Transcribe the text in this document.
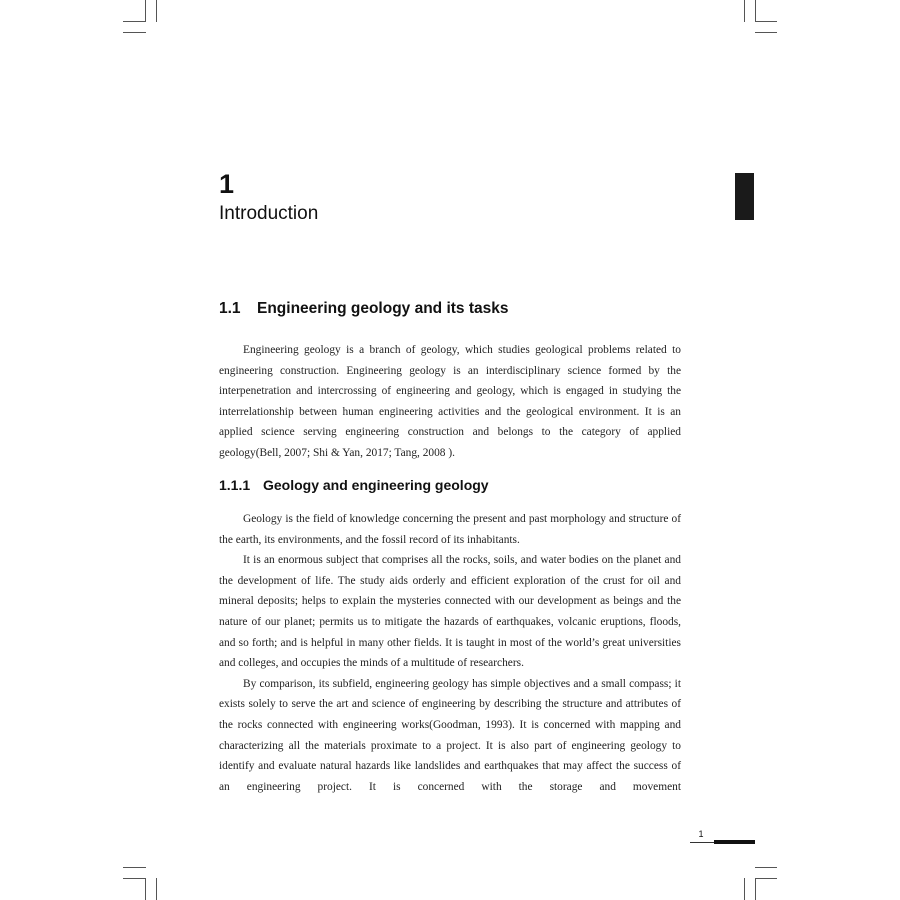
1
Introduction
1.1 Engineering geology and its tasks

Engineering geology is a branch of geology, which studies geological problems related to engineering construction. Engineering geology is an interdisciplinary science formed by the interpenetration and intercrossing of engineering and geology, which is engaged in studying the interrelationship between human engineering activities and the geological environment. It is an applied science serving engineering construction and belongs to the category of applied geology(Bell, 2007; Shi & Yan, 2017; Tang, 2008 ).

1.1.1 Geology and engineering geology

Geology is the field of knowledge concerning the present and past morphology and structure of the earth, its environments, and the fossil record of its inhabitants.

It is an enormous subject that comprises all the rocks, soils, and water bodies on the planet and the development of life. The study aids orderly and efficient exploration of the crust for oil and mineral deposits; helps to explain the mysteries connected with our development as beings and the nature of our planet; permits us to mitigate the hazards of earthquakes, volcanic eruptions, floods, and so forth; and is helpful in many other fields. It is taught in most of the world’s great universities and colleges, and occupies the minds of a multitude of researchers.

By comparison, its subfield, engineering geology has simple objectives and a small compass; it exists solely to serve the art and science of engineering by describing the structure and attributes of the rocks connected with engineering works(Goodman, 1993). It is concerned with mapping and characterizing all the materials proximate to a project. It is also part of engineering geology to identify and evaluate natural hazards like landslides and earthquakes that may affect the success of an engineering project. It is concerned with the storage and movement

1
